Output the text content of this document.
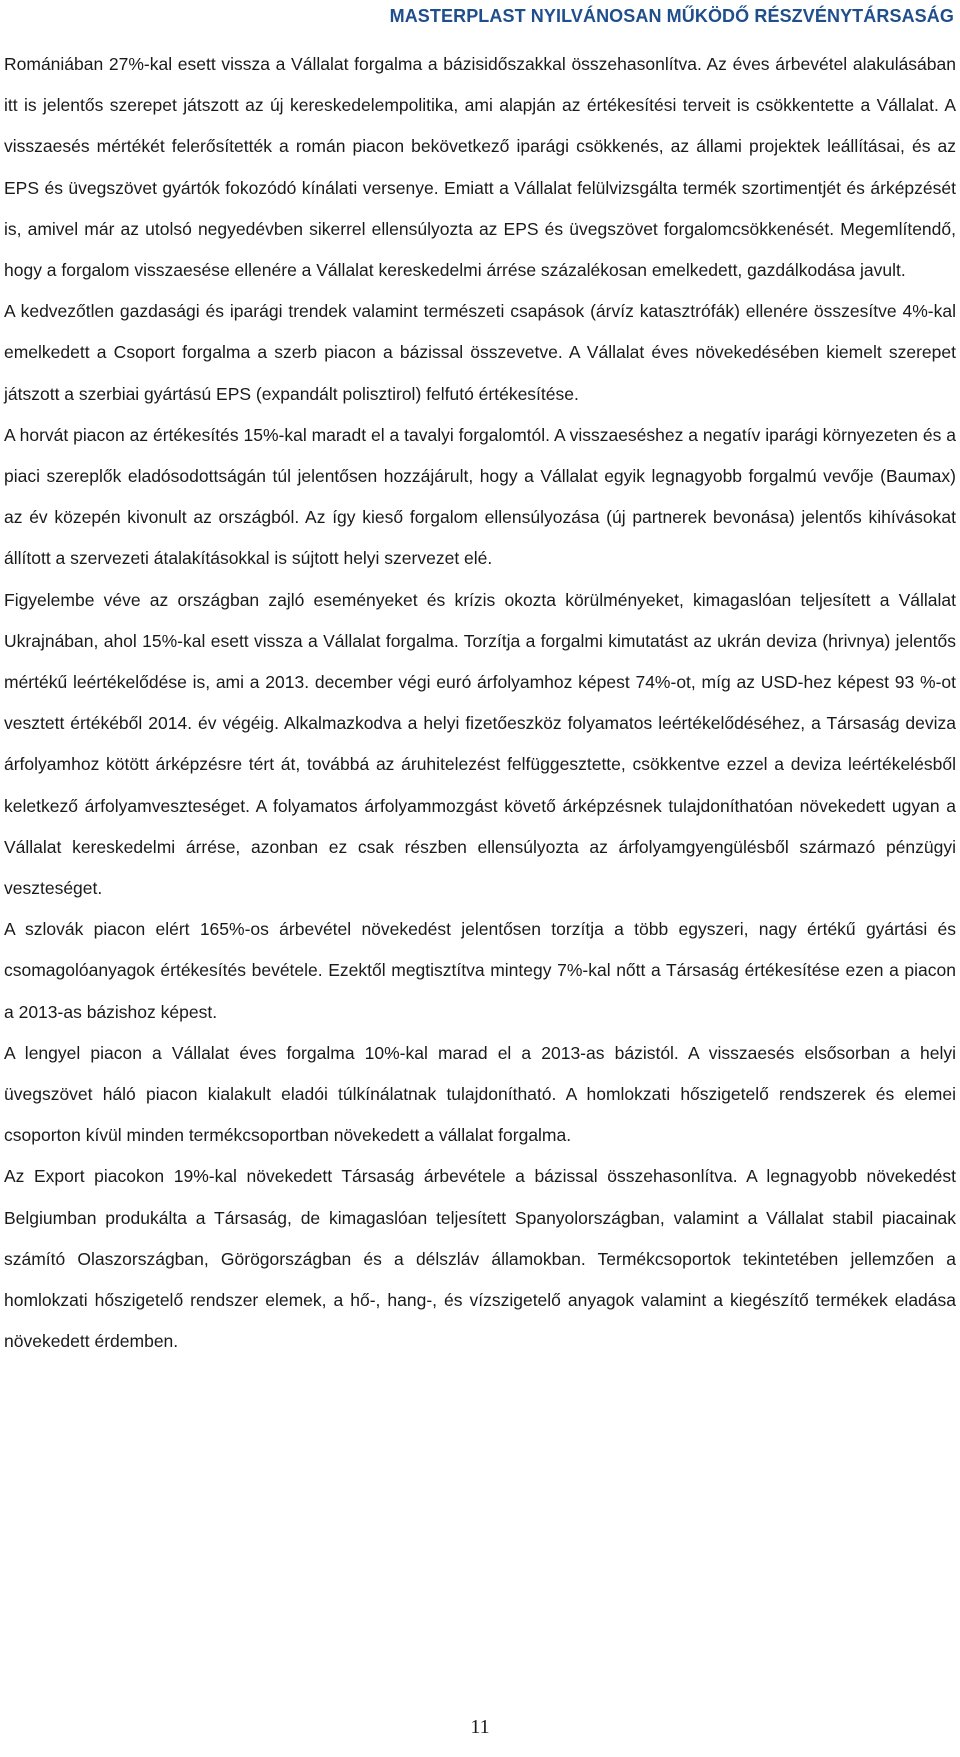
MASTERPLAST NYILVÁNOSAN MŰKÖDŐ RÉSZVÉNYTÁRSASÁG

Romániában 27%-kal esett vissza a Vállalat forgalma a bázisidőszakkal összehasonlítva. Az éves árbevétel alakulásában itt is jelentős szerepet játszott az új kereskedelempolitika, ami alapján az értékesítési terveit is csökkentette a Vállalat. A visszaesés mértékét felerősítették a román piacon bekövetkező iparági csökkenés, az állami projektek leállításai, és az EPS és üvegszövet gyártók fokozódó kínálati versenye. Emiatt a Vállalat felülvizsgálta termék szortimentjét és árképzését is, amivel már az utolsó negyedévben sikerrel ellensúlyozta az EPS és üvegszövet forgalomcsökkenését. Megemlítendő, hogy a forgalom visszaesése ellenére a Vállalat kereskedelmi árrése százalékosan emelkedett, gazdálkodása javult.

A kedvezőtlen gazdasági és iparági trendek valamint természeti csapások (árvíz katasztrófák) ellenére összesítve 4%-kal emelkedett a Csoport forgalma a szerb piacon a bázissal összevetve. A Vállalat éves növekedésében kiemelt szerepet játszott a szerbiai gyártású EPS (expandált polisztirol) felfutó értékesítése.

A horvát piacon az értékesítés 15%-kal maradt el a tavalyi forgalomtól. A visszaeséshez a negatív iparági környezeten és a piaci szereplők eladósodottságán túl jelentősen hozzájárult, hogy a Vállalat egyik legnagyobb forgalmú vevője (Baumax) az év közepén kivonult az országból. Az így kieső forgalom ellensúlyozása (új partnerek bevonása) jelentős kihívásokat állított a szervezeti átalakításokkal is sújtott helyi szervezet elé.

Figyelembe véve az országban zajló eseményeket és krízis okozta körülményeket, kimagaslóan teljesített a Vállalat Ukrajnában, ahol 15%-kal esett vissza a Vállalat forgalma. Torzítja a forgalmi kimutatást az ukrán deviza (hrivnya) jelentős mértékű leértékelődése is, ami a 2013. december végi euró árfolyamhoz képest 74%-ot, míg az USD-hez képest 93 %-ot vesztett értékéből 2014. év végéig. Alkalmazkodva a helyi fizetőeszköz folyamatos leértékelődéséhez, a Társaság deviza árfolyamhoz kötött árképzésre tért át, továbbá az áruhitelezést felfüggesztette, csökkentve ezzel a deviza leértékelésből keletkező árfolyamveszteséget. A folyamatos árfolyammozgást követő árképzésnek tulajdoníthatóan növekedett ugyan a Vállalat kereskedelmi árrése, azonban ez csak részben ellensúlyozta az árfolyamgyengülésből származó pénzügyi veszteséget.

A szlovák piacon elért 165%-os árbevétel növekedést jelentősen torzítja a több egyszeri, nagy értékű gyártási és csomagolóanyagok értékesítés bevétele. Ezektől megtisztítva mintegy 7%-kal nőtt a Társaság értékesítése ezen a piacon a 2013-as bázishoz képest.

A lengyel piacon a Vállalat éves forgalma 10%-kal marad el a 2013-as bázistól. A visszaesés elsősorban a helyi üvegszövet háló piacon kialakult eladói túlkínálatnak tulajdonítható. A homlokzati hőszigetelő rendszerek és elemei csoporton kívül minden termékcsoportban növekedett a vállalat forgalma.

Az Export piacokon 19%-kal növekedett Társaság árbevétele a bázissal összehasonlítva. A legnagyobb növekedést Belgiumban produkálta a Társaság, de kimagaslóan teljesített Spanyolországban, valamint a Vállalat stabil piacainak számító Olaszországban, Görögországban és a délszláv államokban. Termékcsoportok tekintetében jellemzően a homlokzati hőszigetelő rendszer elemek, a hő-, hang-, és vízszigetelő anyagok valamint a kiegészítő termékek eladása növekedett érdemben.

11
